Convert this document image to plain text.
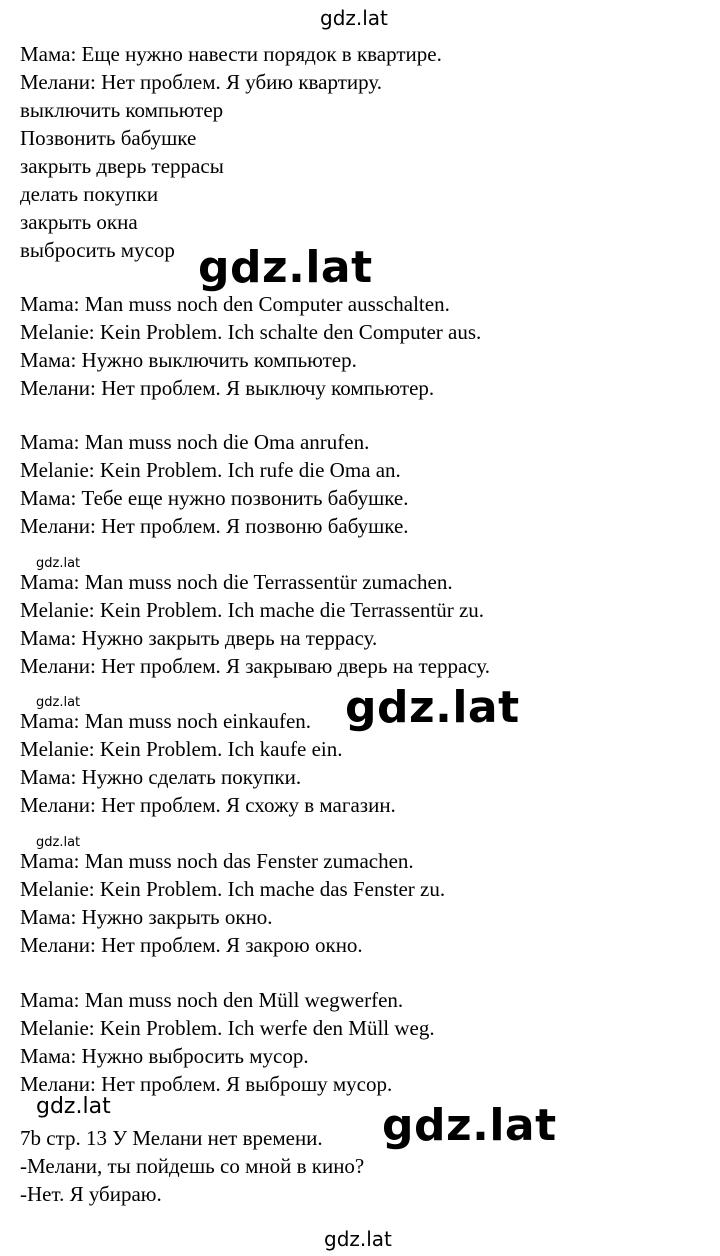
gdz.lat
Мама: Еще нужно навести порядок в квартире.
Мелани: Нет проблем. Я убию квартиру.
выключить компьютер
Позвонить бабушке
закрыть дверь террасы
делать покупки
закрыть окна
выбросить мусор gdz.lat
Mama: Man muss noch den Computer ausschalten.
Melanie: Kein Problem. Ich schalte den Computer aus.
Мама: Нужно выключить компьютер.
Мелани: Нет проблем. Я выключу компьютер.
Mama: Man muss noch die Oma anrufen.
Melanie: Kein Problem. Ich rufe die Oma an.
Мама: Тебе еще нужно позвонить бабушке.
Мелани: Нет проблем. Я позвоню бабушке.
gdz.lat
Mama: Man muss noch die Terrassentür zumachen.
Melanie: Kein Problem. Ich mache die Terrassentür zu.
Мама: Нужно закрыть дверь на террасу.
Мелани: Нет проблем. Я закрываю дверь на террасу.
gdz.lat
Mama: Man muss noch einkaufen.
Melanie: Kein Problem. Ich kaufe ein.
Мама: Нужно сделать покупки.
Мелани: Нет проблем. Я схожу в магазин.
gdz.lat
gdz.lat
Mama: Man muss noch das Fenster zumachen.
Melanie: Kein Problem. Ich mache das Fenster zu.
Мама: Нужно закрыть окно.
Мелани: Нет проблем. Я закрою окно.
Mama: Man muss noch den Müll wegwerfen.
Melanie: Kein Problem. Ich werfe den Müll weg.
Мама: Нужно выбросить мусор.
Мелани: Нет проблем. Я выброшу мусор.
gdz.lat	gdz.lat
7b стр. 13 У Мелани нет времени.
-Мелани, ты пойдешь со мной в кино?
-Нет. Я убираю.
gdz.lat
